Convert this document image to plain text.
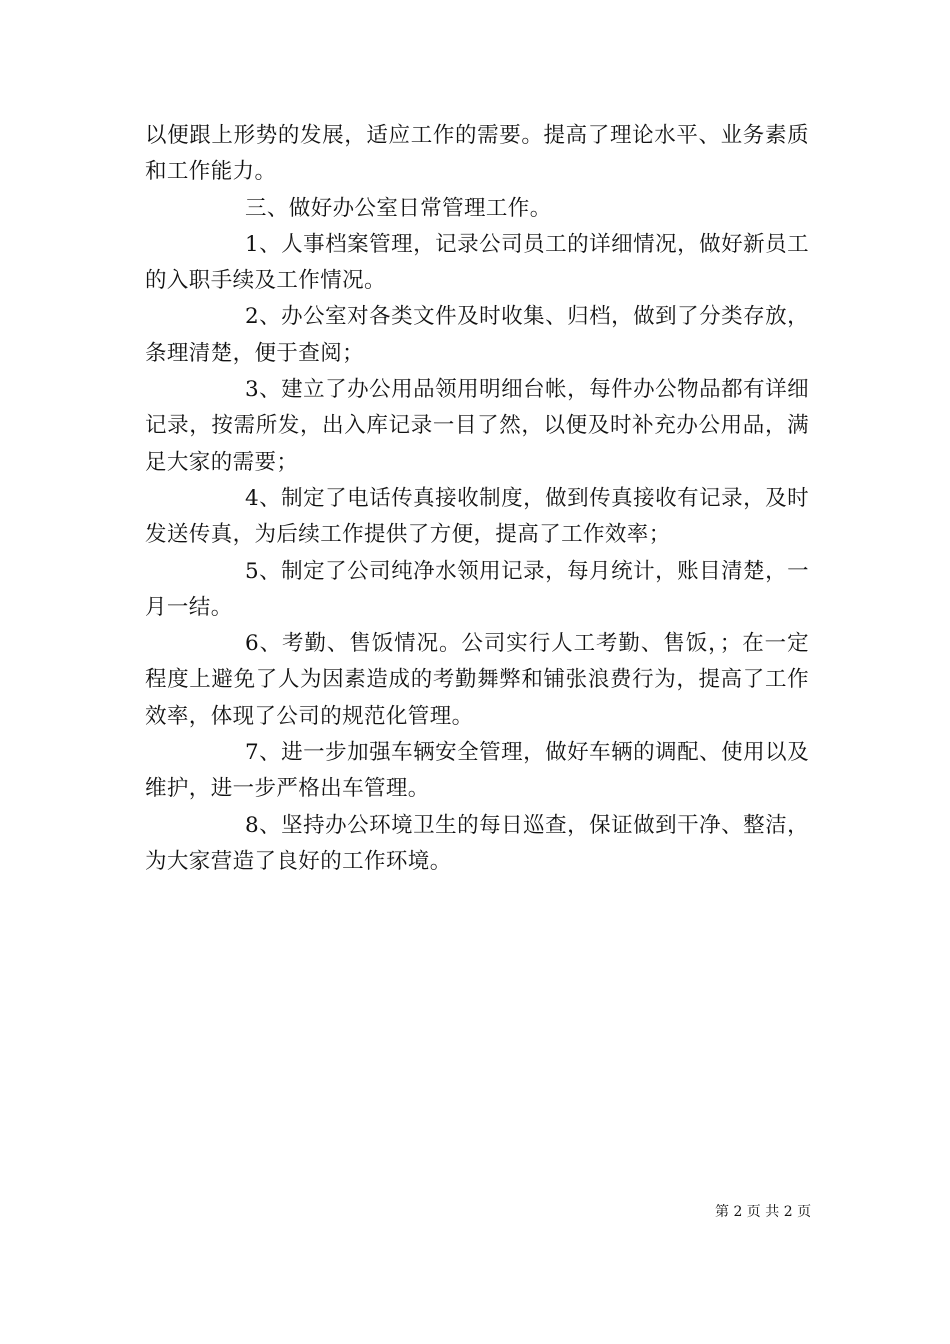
以便跟上形势的发展，适应工作的需要。提高了理论水平、业务素质和工作能力。

三、做好办公室日常管理工作。

1、人事档案管理，记录公司员工的详细情况，做好新员工的入职手续及工作情况。

2、办公室对各类文件及时收集、归档，做到了分类存放，条理清楚，便于查阅；

3、建立了办公用品领用明细台帐，每件办公物品都有详细记录，按需所发，出入库记录一目了然，以便及时补充办公用品，满足大家的需要；

4、制定了电话传真接收制度，做到传真接收有记录，及时发送传真，为后续工作提供了方便，提高了工作效率；

5、制定了公司纯净水领用记录，每月统计，账目清楚，一月一结。

6、考勤、售饭情况。公司实行人工考勤、售饭，；在一定程度上避免了人为因素造成的考勤舞弊和铺张浪费行为，提高了工作效率，体现了公司的规范化管理。

7、进一步加强车辆安全管理，做好车辆的调配、使用以及维护，进一步严格出车管理。

8、坚持办公环境卫生的每日巡查，保证做到干净、整洁，为大家营造了良好的工作环境。

第 2 页 共 2 页
